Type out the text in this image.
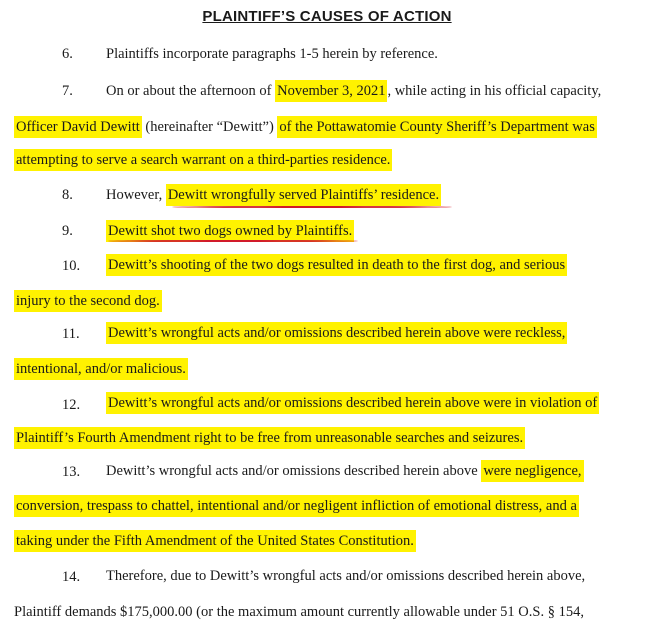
PLAINTIFF’S CAUSES OF ACTION
6. Plaintiffs incorporate paragraphs 1-5 herein by reference.
7. On or about the afternoon of November 3, 2021 , while acting in his official capacity,
Officer David Dewitt (hereinafter “Dewitt”) of the Pottawatomie County Sheriff’s Department was
attempting to serve a search warrant on a third-parties residence.
8. However, Dewitt wrongfully served Plaintiffs’ residence.
9. Dewitt shot two dogs owned by Plaintiffs.
10. Dewitt’s shooting of the two dogs resulted in death to the first dog, and serious
injury to the second dog.
11. Dewitt’s wrongful acts and/or omissions described herein above were reckless,
intentional, and/or malicious.
12. Dewitt’s wrongful acts and/or omissions described herein above were in violation of
Plaintiff’s Fourth Amendment right to be free from unreasonable searches and seizures.
13. Dewitt’s wrongful acts and/or omissions described herein above were negligence,
conversion, trespass to chattel, intentional and/or negligent infliction of emotional distress, and a
taking under the Fifth Amendment of the United States Constitution.
14. Therefore, due to Dewitt’s wrongful acts and/or omissions described herein above,
Plaintiff demands $175,000.00 (or the maximum amount currently allowable under 51 O.S. § 154,
